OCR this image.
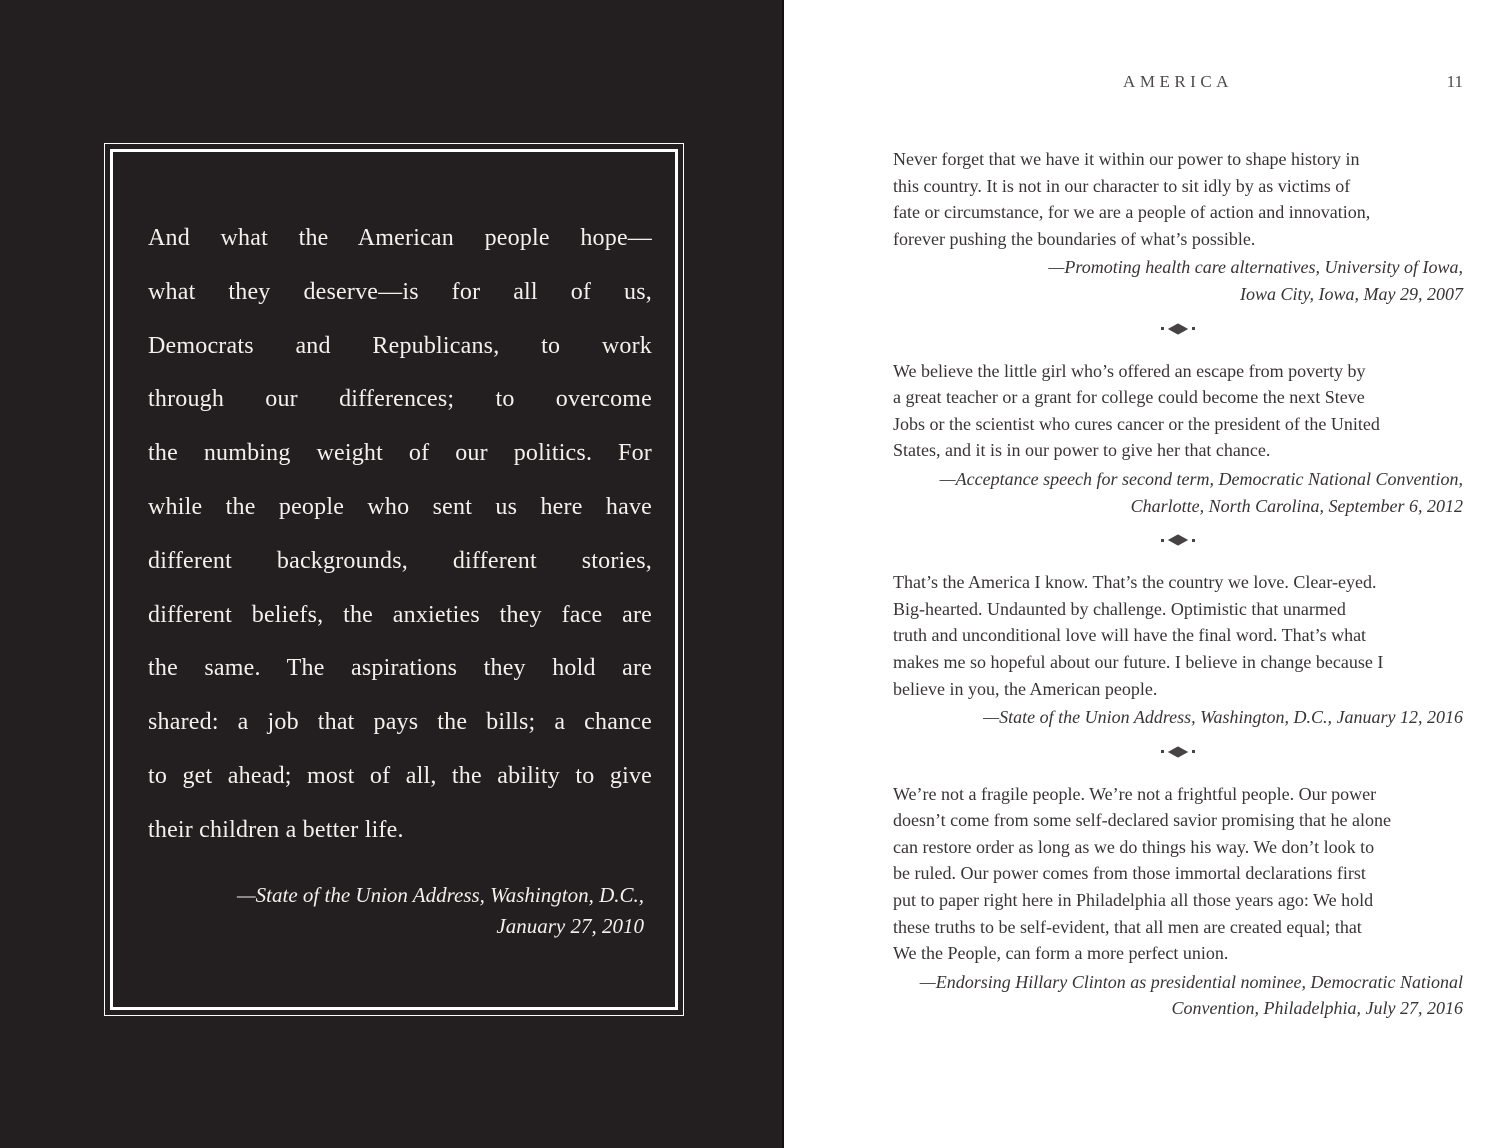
And what the American people hope—
what they deserve—is for all of us,
Democrats and Republicans, to work
through our differences; to overcome
the numbing weight of our politics. For
while the people who sent us here have
different backgrounds, different stories,
different beliefs, the anxieties they face are
the same. The aspirations they hold are
shared: a job that pays the bills; a chance
to get ahead; most of all, the ability to give
their children a better life.
—State of the Union Address, Washington, D.C.,
January 27, 2010
AMERICA	11
Never forget that we have it within our power to shape history in
this country. It is not in our character to sit idly by as victims of
fate or circumstance, for we are a people of action and innovation,
forever pushing the boundaries of what’s possible.
—Promoting health care alternatives, University of Iowa,
Iowa City, Iowa, May 29, 2007
We believe the little girl who’s offered an escape from poverty by
a great teacher or a grant for college could become the next Steve
Jobs or the scientist who cures cancer or the president of the United
States, and it is in our power to give her that chance.
—Acceptance speech for second term, Democratic National Convention,
Charlotte, North Carolina, September 6, 2012
That’s the America I know. That’s the country we love. Clear-eyed.
Big-hearted. Undaunted by challenge. Optimistic that unarmed
truth and unconditional love will have the final word. That’s what
makes me so hopeful about our future. I believe in change because I
believe in you, the American people.
—State of the Union Address, Washington, D.C., January 12, 2016
We’re not a fragile people. We’re not a frightful people. Our power
doesn’t come from some self-declared savior promising that he alone
can restore order as long as we do things his way. We don’t look to
be ruled. Our power comes from those immortal declarations first
put to paper right here in Philadelphia all those years ago: We hold
these truths to be self-evident, that all men are created equal; that
We the People, can form a more perfect union.
—Endorsing Hillary Clinton as presidential nominee, Democratic National
Convention, Philadelphia, July 27, 2016
